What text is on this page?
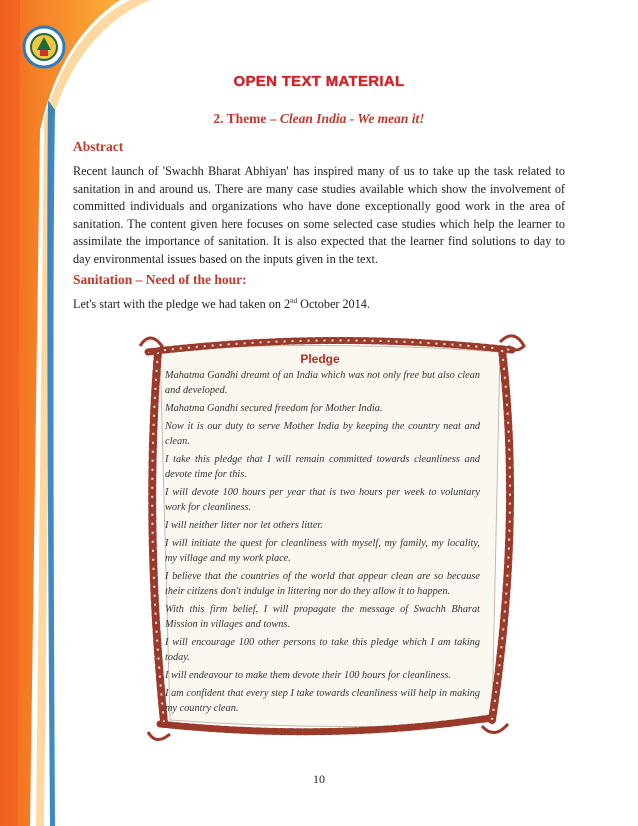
OPEN TEXT MATERIAL
2. Theme – Clean India - We mean it!
Abstract
Recent launch of 'Swachh Bharat Abhiyan' has inspired many of us to take up the task related to sanitation in and around us. There are many case studies available which show the involvement of committed individuals and organizations who have done exceptionally good work in the area of sanitation. The content given here focuses on some selected case studies which help the learner to assimilate the importance of sanitation. It is also expected that the learner find solutions to day to day environmental issues based on the inputs given in the text.
Sanitation – Need of the hour:
Let's start with the pledge we had taken on 2nd October 2014.
Pledge

Mahatma Gandhi dreamt of an India which was not only free but also clean and developed.

Mahatma Gandhi secured freedom for Mother India.

Now it is our duty to serve Mother India by keeping the country neat and clean.

I take this pledge that I will remain committed towards cleanliness and devote time for this.

I will devote 100 hours per year that is two hours per week to voluntary work for cleanliness.

I will neither litter nor let others litter.

I will initiate the quest for cleanliness with myself, my family, my locality, my village and my work place.

I believe that the countries of the world that appear clean are so because their citizens don't indulge in littering nor do they allow it to happen.

With this firm belief, I will propagate the message of Swachh Bharat Mission in villages and towns.

I will encourage 100 other persons to take this pledge which I am taking today.

I will endeavour to make them devote their 100 hours for cleanliness.

I am confident that every step I take towards cleanliness will help in making my country clean.

10
